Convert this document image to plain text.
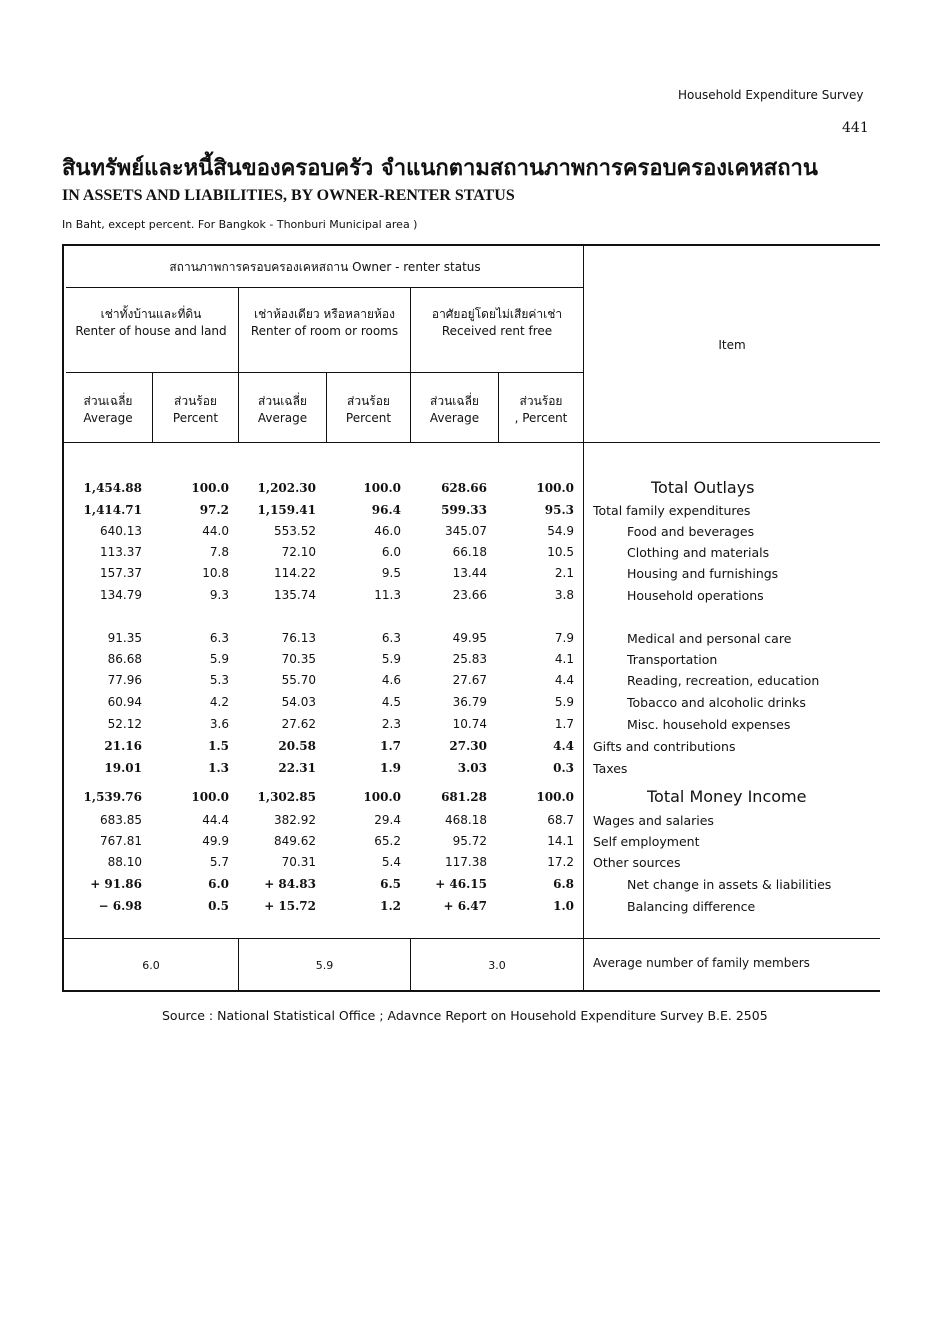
Household Expenditure Survey
441
สินทรัพย์และหนี้สินของครอบครัว จำแนกตามสถานภาพการครอบครองเคหสถาน
IN ASSETS AND LIABILITIES, BY OWNER-RENTER STATUS
In Baht, except percent. For Bangkok - Thonburi Municipal area )
สถานภาพการครอบครองเคหสถาน Owner - renter status
เช่าทั้งบ้านและที่ดิน
Renter of house and land
เช่าห้องเดียว หรือหลายห้อง
Renter of room or rooms
อาศัยอยู่โดยไม่เสียค่าเช่า
Received rent free
ส่วนเฉลี่ย
Average
ส่วนร้อย
Percent
ส่วนเฉลี่ย
Average
ส่วนร้อย
Percent
ส่วนเฉลี่ย
Average
ส่วนร้อย
, Percent
Item
1,454.88	100.0	1,202.30	100.0	628.66	100.0	Total Outlays
1,414.71	97.2	1,159.41	96.4	599.33	95.3 Total family expenditures
640.13	44.0	553.52	46.0	345.07	54.9	Food and beverages
113.37	7.8	72.10	6.0	66.18	10.5	Clothing and materials
157.37	10.8	114.22	9.5	13.44	2.1	Housing and furnishings
134.79	9.3	135.74	11.3	23.66	3.8	Household operations
91.35	6.3	76.13	6.3	49.95	7.9	Medical and personal care
86.68	5.9	70.35	5.9	25.83	4.1	Transportation
77.96	5.3	55.70	4.6	27.67	4.4	Reading, recreation, education
60.94	4.2	54.03	4.5	36.79	5.9	Tobacco and alcoholic drinks
52.12	3.6	27.62	2.3	10.74	1.7	Misc. household expenses
21.16	1.5	20.58	1.7	27.30	4.4 Gifts and contributions
19.01	1.3	22.31	1.9	3.03	0.3 Taxes
1,539.76	100.0	1,302.85	100.0	681.28	100.0	Total Money Income
683.85	44.4	382.92	29.4	468.18	68.7 Wages and salaries
767.81	49.9	849.62	65.2	95.72	14.1 Self employment
88.10	5.7	70.31	5.4	117.38	17.2 Other sources
+ 91.86	6.0	+ 84.83	6.5	+ 46.15	6.8	Net change in assets & liabilities
− 6.98	0.5	+ 15.72	1.2	+ 6.47	1.0	Balancing difference
6.0	5.9	3.0	Average number of family members
Source : National Statistical Office ; Adavnce Report on Household Expenditure Survey B.E. 2505
